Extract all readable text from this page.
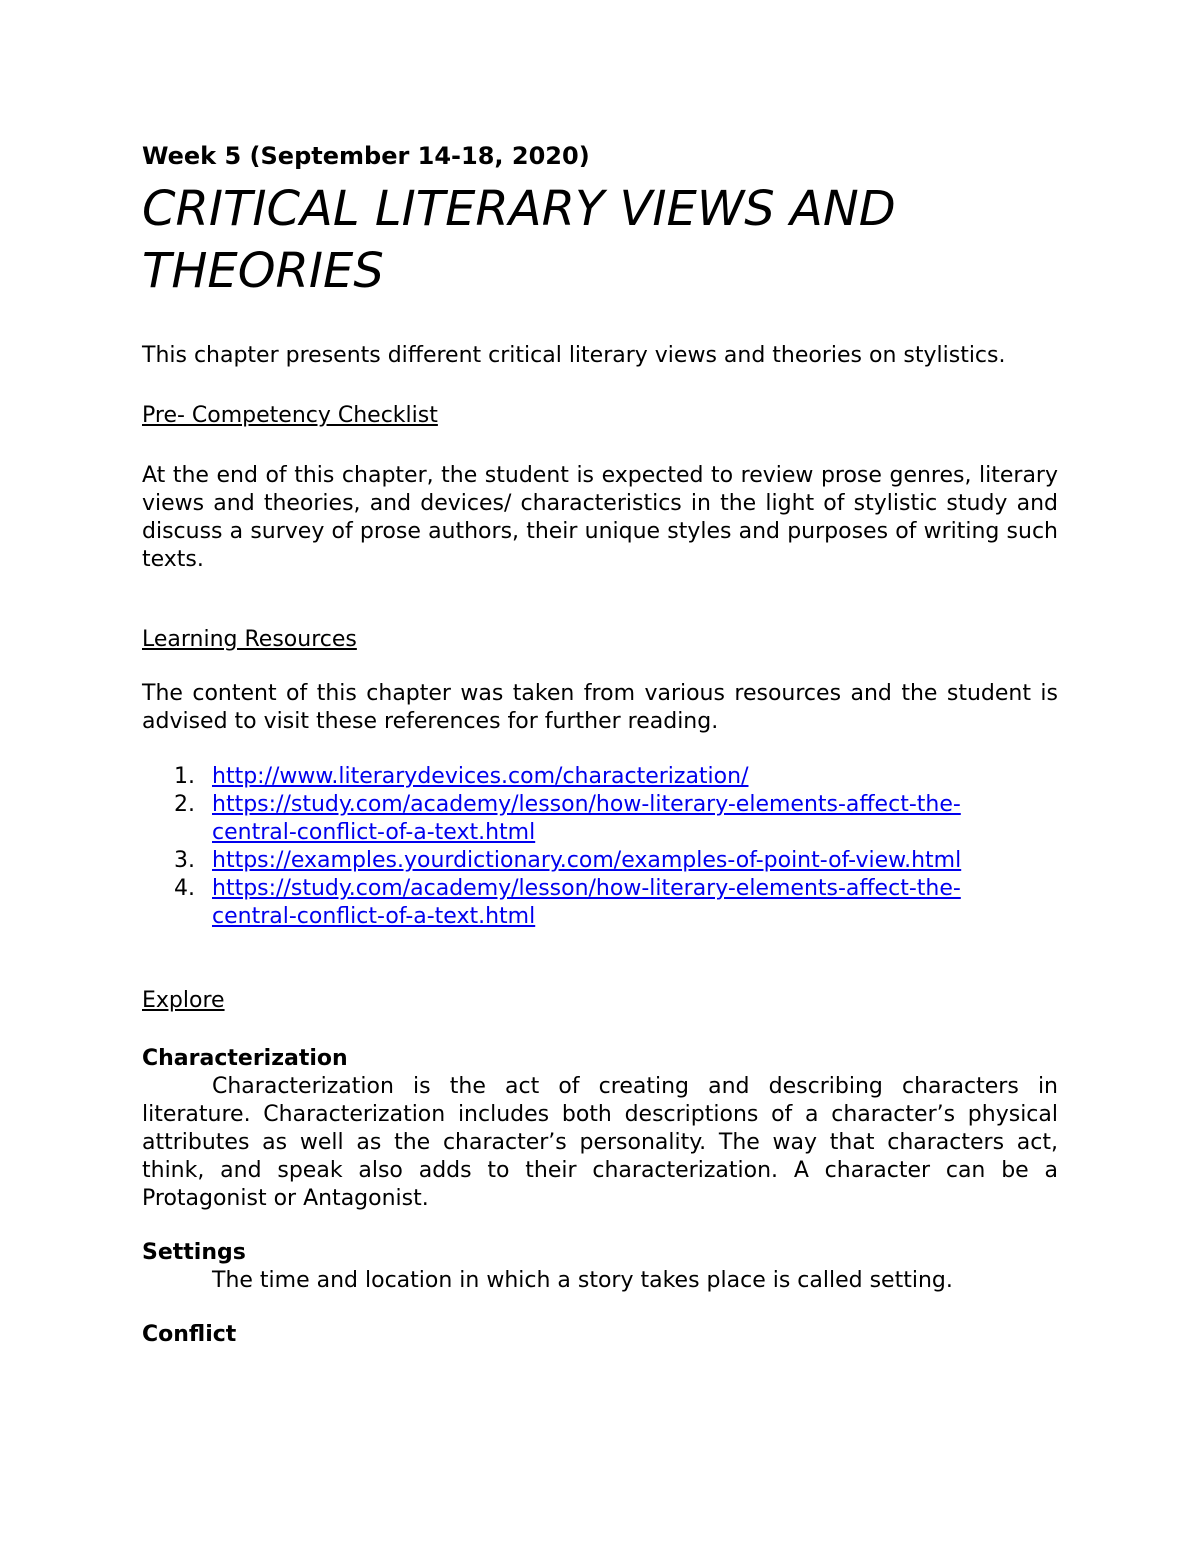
Week 5 (September 14-18, 2020)

CRITICAL LITERARY VIEWS AND
THEORIES

This chapter presents different critical literary views and theories on stylistics.

Pre- Competency Checklist

At the end of this chapter, the student is expected to review prose genres, literary views and theories, and devices/ characteristics in the light of stylistic study and discuss a survey of prose authors, their unique styles and purposes of writing such texts.

Learning Resources

The content of this chapter was taken from various resources and the student is advised to visit these references for further reading.

1. http://www.literarydevices.com/characterization/
2. https://study.com/academy/lesson/how-literary-elements-affect-the-
central-conflict-of-a-text.html
3. https://examples.yourdictionary.com/examples-of-point-of-view.html
4. https://study.com/academy/lesson/how-literary-elements-affect-the-
central-conflict-of-a-text.html

Explore

Characterization

Characterization is the act of creating and describing characters in literature. Characterization includes both descriptions of a character’s physical attributes as well as the character’s personality. The way that characters act, think, and speak also adds to their characterization. A character can be a Protagonist or Antagonist.

Settings

The time and location in which a story takes place is called setting.

Conflict
